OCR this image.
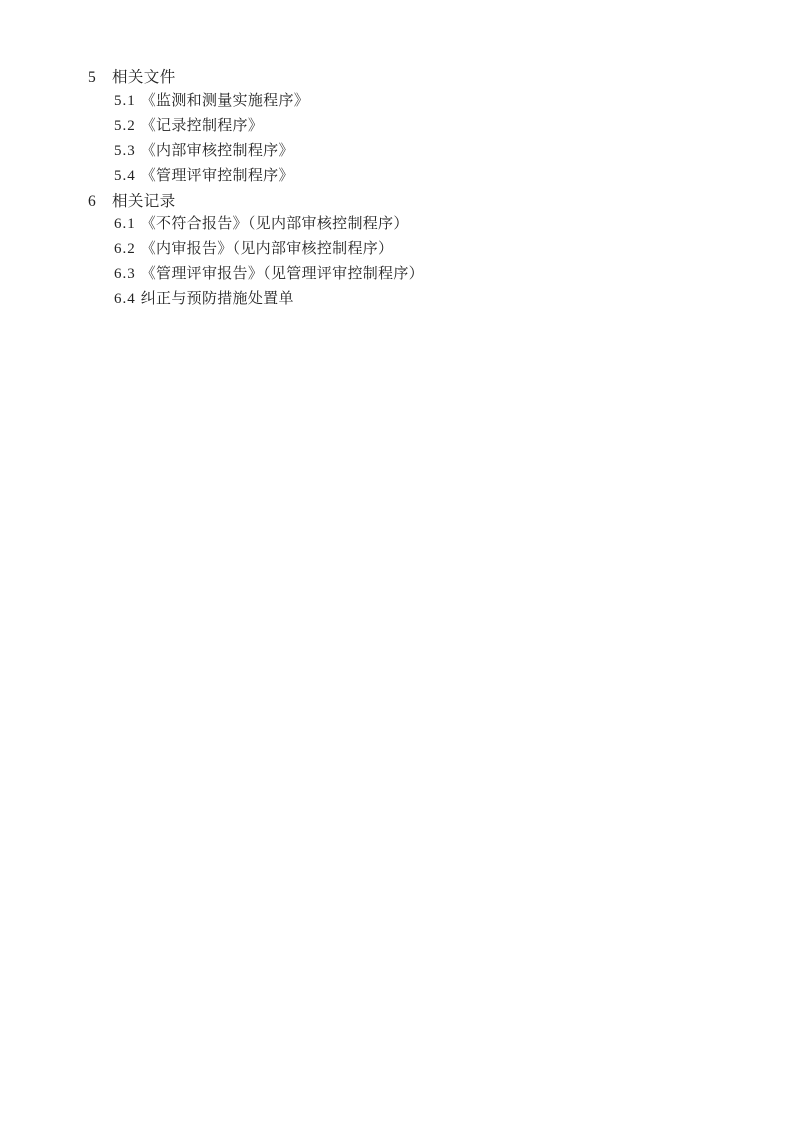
5	相关文件
5.1 《监测和测量实施程序》
5.2 《记录控制程序》
5.3 《内部审核控制程序》
5.4 《管理评审控制程序》
6	相关记录
6.1 《不符合报告》（见内部审核控制程序）
6.2 《内审报告》（见内部审核控制程序）
6.3 《管理评审报告》（见管理评审控制程序）
6.4 纠正与预防措施处置单
